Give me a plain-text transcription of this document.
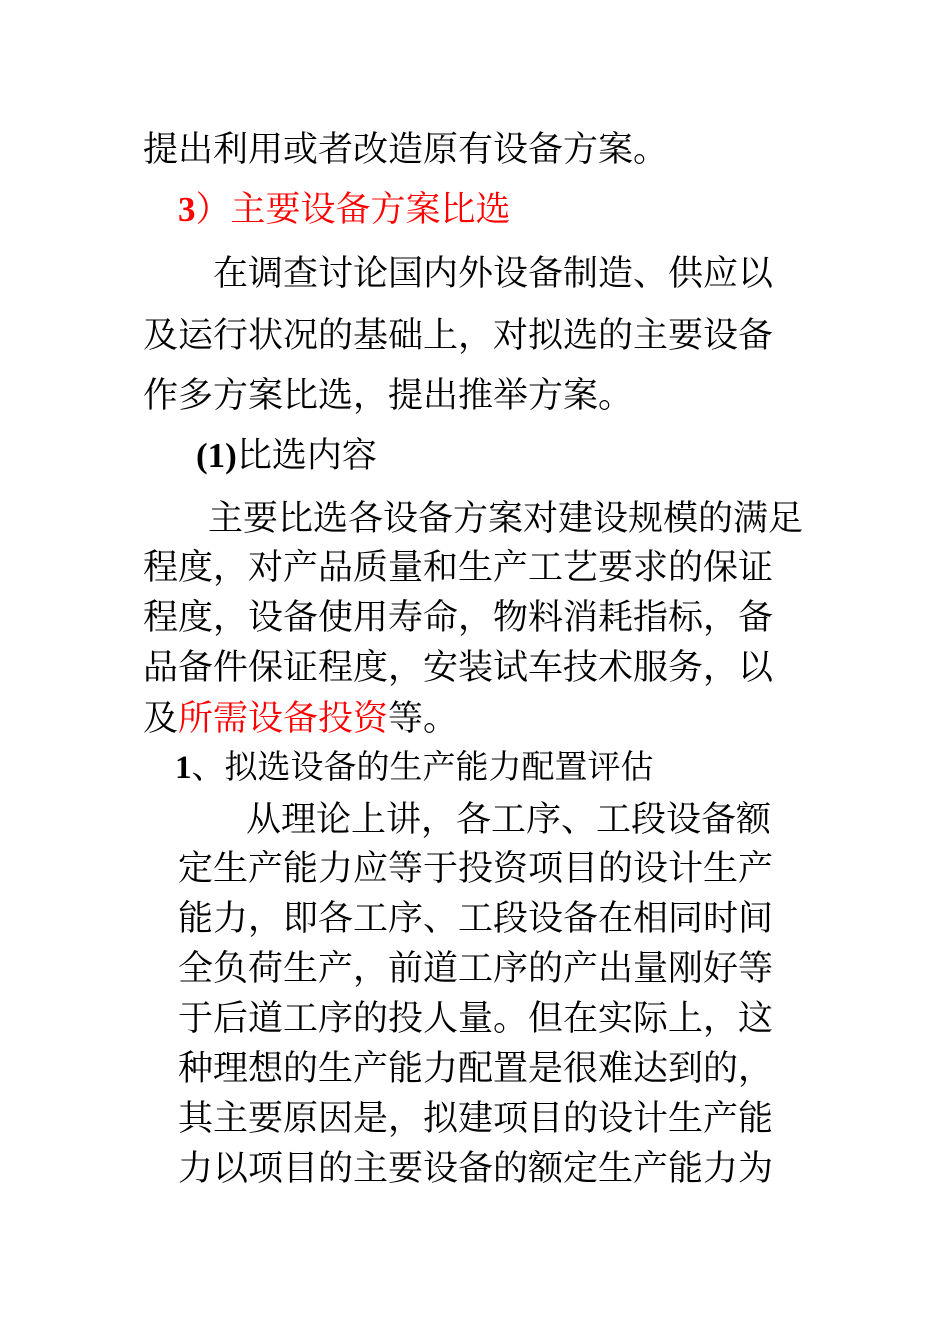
提出利用或者改造原有设备方案。
3）主要设备方案比选
在调查讨论国内外设备制造、供应以
及运行状况的基础上，对拟选的主要设备
作多方案比选，提出推举方案。
(1)比选内容
主要比选各设备方案对建设规模的满足
程度，对产品质量和生产工艺要求的保证
程度，设备使用寿命，物料消耗指标，备
品备件保证程度，安装试车技术服务，以
及所需设备投资等。
1、拟选设备的生产能力配置评估
从理论上讲，各工序、工段设备额
定生产能力应等于投资项目的设计生产
能力，即各工序、工段设备在相同时间
全负荷生产，前道工序的产出量刚好等
于后道工序的投人量。但在实际上，这
种理想的生产能力配置是很难达到的，
其主要原因是，拟建项目的设计生产能
力以项目的主要设备的额定生产能力为
